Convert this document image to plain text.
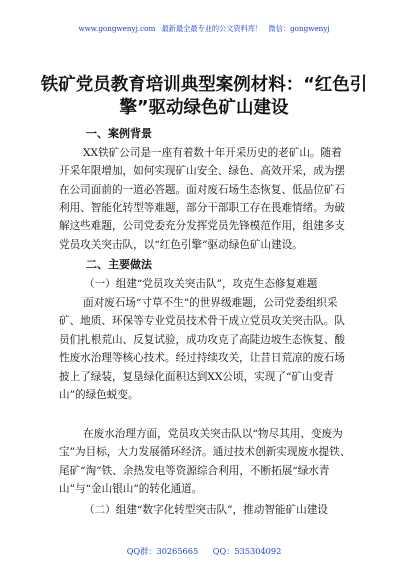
www.gongwenyj.com 最新最全最专业的公文资料库！ 微信：gongwenyj
铁矿党员教育培训典型案例材料：“红色引擎”驱动绿色矿山建设
一、案例背景
XX铁矿公司是一座有着数十年开采历史的老矿山。随着
开采年限增加，如何实现矿山安全、绿色、高效开采，成为摆
在公司面前的一道必答题。面对废石场生态恢复、低品位矿石
利用、智能化转型等难题，部分干部职工存在畏难情绪。为破
解这些难题，公司党委充分发挥党员先锋模范作用，组建多支
党员攻关突击队，以“红色引擎”驱动绿色矿山建设。
二、主要做法
（一）组建“党员攻关突击队”，攻克生态修复难题
面对废石场“寸草不生”的世界级难题，公司党委组织采
矿、地质、环保等专业党员技术骨干成立党员攻关突击队。队
员们扎根荒山、反复试验，成功攻克了高陡边坡生态恢复、酸
性废水治理等核心技术。经过持续攻关，让昔日荒凉的废石场
披上了绿装，复垦绿化面积达到XX公顷，实现了“矿山变青
山”的绿色蜕变。
在废水治理方面，党员攻关突击队以“物尽其用、变废为
宝”为目标，大力发展循环经济。通过技术创新实现废水提铁、
尾矿“淘”铁、余热发电等资源综合利用，不断拓展“绿水青
山”与“金山银山”的转化通道。
（二）组建“数字化转型突击队”，推动智能矿山建设
QQ群：30265665 QQ：535304092
